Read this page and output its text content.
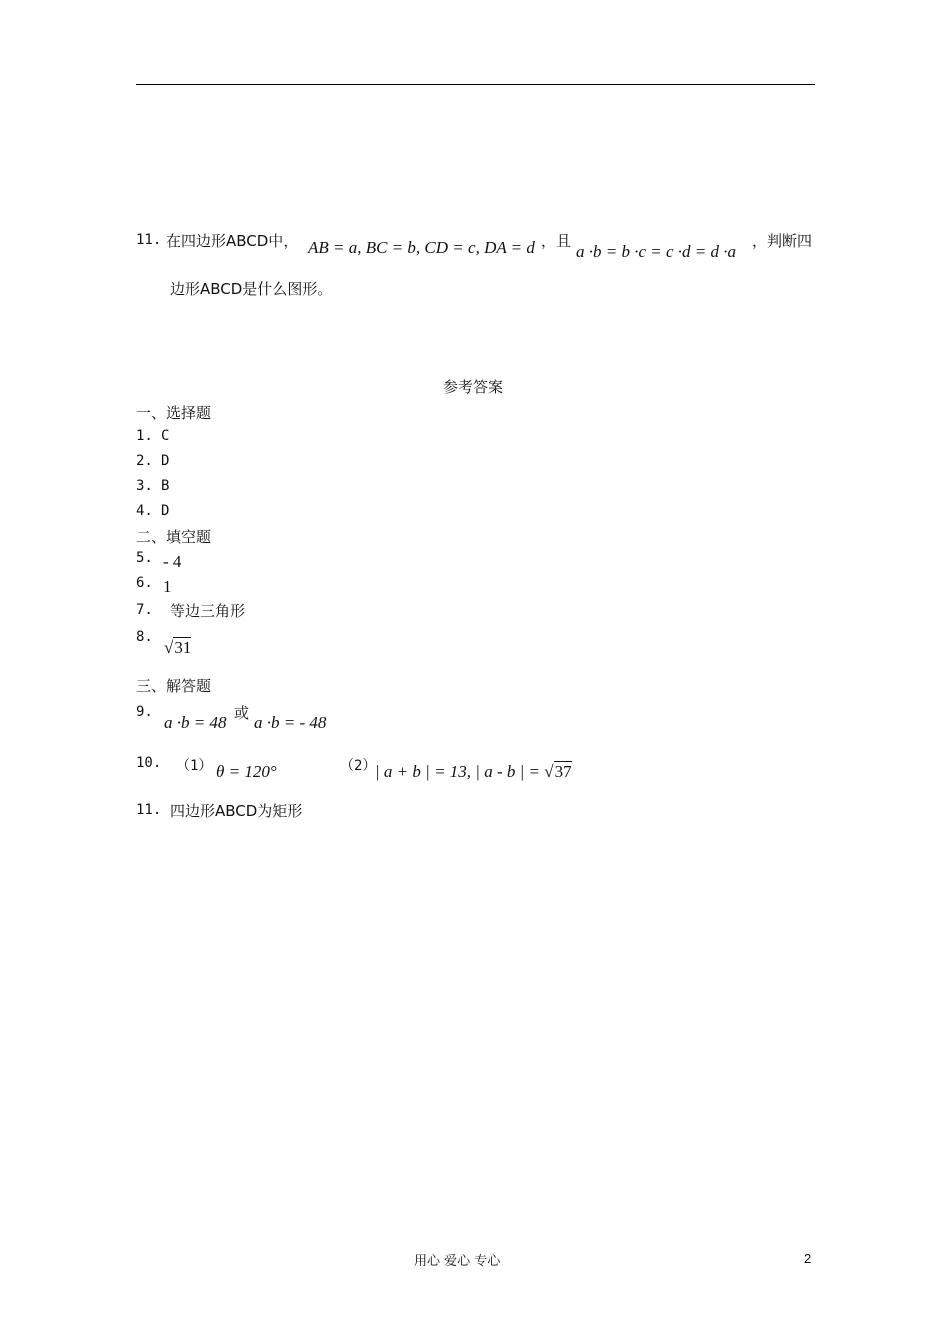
11. 在四边形ABCD中， AB = a, BC = b, CD = c, DA = d ，且
a ·b = b ·c = c ·d = d ·a
，判断四
边形ABCD是什么图形。
参考答案
一、选择题
1. C
2. D
3. B
4. D
二、填空题
5. - 4
6. 1
7. 等边三角形
8.
√31
三、解答题
9.
a ·b = 48 或 a ·b = - 48
10. （1） θ = 120°	（2）
| a + b | = 13, | a - b | = √37
11. 四边形ABCD为矩形
用心 爱心 专心	2
